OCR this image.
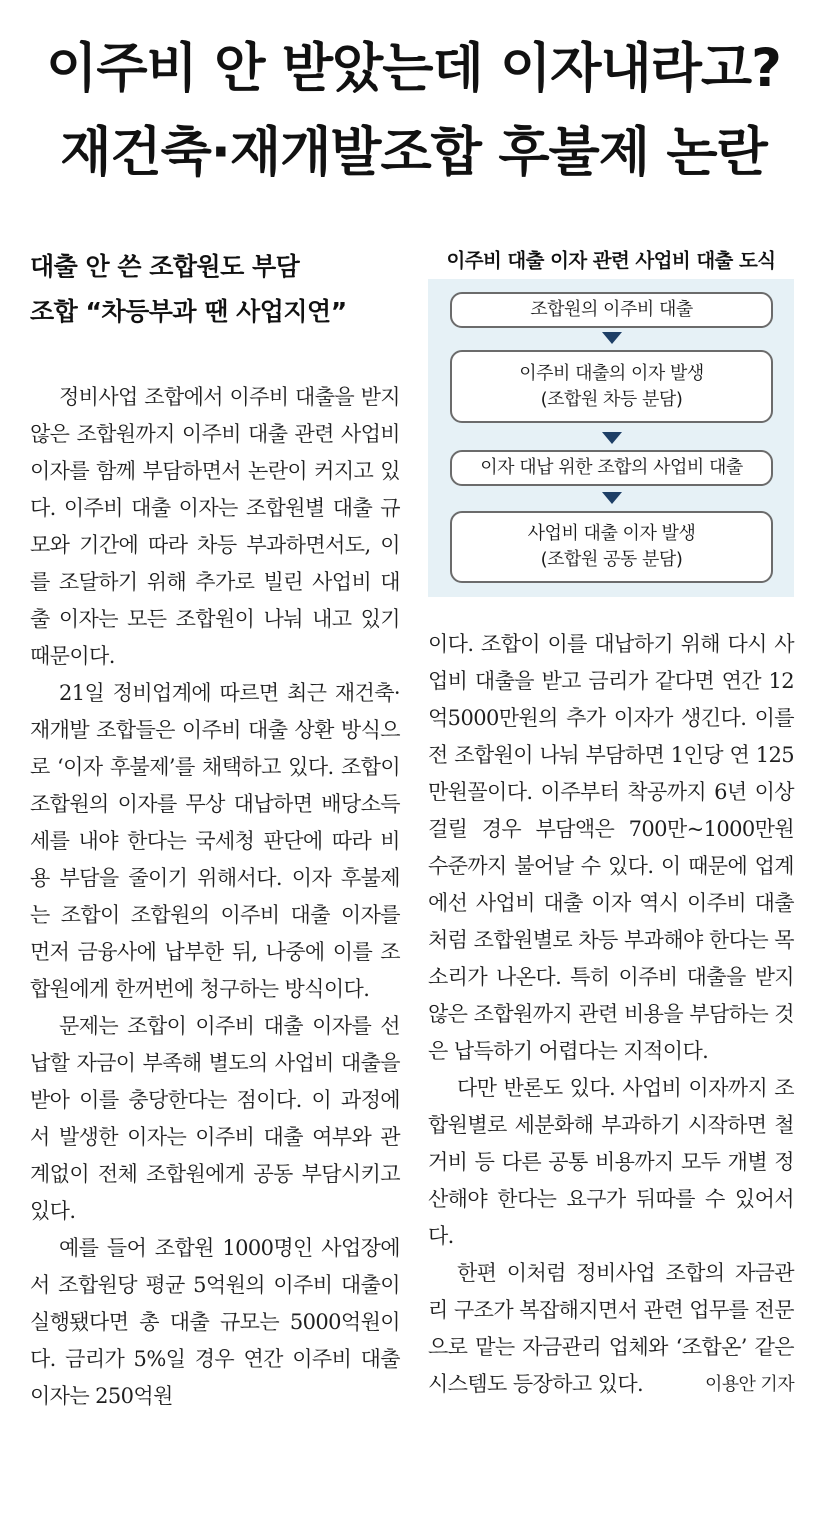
이주비 안 받았는데 이자내라고?
재건축·재개발조합 후불제 논란
대출 안 쓴 조합원도 부담
조합 “차등부과 땐 사업지연”
이주비 대출 이자 관련 사업비 대출 도식
조합원의 이주비 대출
이주비 대출의 이자 발생
(조합원 차등 분담)
이자 대납 위한 조합의 사업비 대출
사업비 대출 이자 발생
(조합원 공동 분담)

정비사업 조합에서 이주비 대출을 받지 않은 조합원까지 이주비 대출 관련 사업비 이자를 함께 부담하면서 논란이 커지고 있다. 이주비 대출 이자는 조합원별 대출 규모와 기간에 따라 차등 부과하면서도, 이를 조달하기 위해 추가로 빌린 사업비 대출 이자는 모든 조합원이 나눠 내고 있기 때문이다.

21일 정비업계에 따르면 최근 재건축·재개발 조합들은 이주비 대출 상환 방식으로 ‘이자 후불제’를 채택하고 있다. 조합이 조합원의 이자를 무상 대납하면 배당소득세를 내야 한다는 국세청 판단에 따라 비용 부담을 줄이기 위해서다. 이자 후불제는 조합이 조합원의 이주비 대출 이자를 먼저 금융사에 납부한 뒤, 나중에 이를 조합원에게 한꺼번에 청구하는 방식이다.

문제는 조합이 이주비 대출 이자를 선납할 자금이 부족해 별도의 사업비 대출을 받아 이를 충당한다는 점이다. 이 과정에서 발생한 이자는 이주비 대출 여부와 관계없이 전체 조합원에게 공동 부담시키고 있다.

예를 들어 조합원 1000명인 사업장에서 조합원당 평균 5억원의 이주비 대출이 실행됐다면 총 대출 규모는 5000억원이다. 금리가 5%일 경우 연간 이주비 대출 이자는 250억원

이다. 조합이 이를 대납하기 위해 다시 사업비 대출을 받고 금리가 같다면 연간 12억5000만원의 추가 이자가 생긴다. 이를 전 조합원이 나눠 부담하면 1인당 연 125만원꼴이다. 이주부터 착공까지 6년 이상 걸릴 경우 부담액은 700만~1000만원 수준까지 불어날 수 있다. 이 때문에 업계에선 사업비 대출 이자 역시 이주비 대출처럼 조합원별로 차등 부과해야 한다는 목소리가 나온다. 특히 이주비 대출을 받지 않은 조합원까지 관련 비용을 부담하는 것은 납득하기 어렵다는 지적이다.

다만 반론도 있다. 사업비 이자까지 조합원별로 세분화해 부과하기 시작하면 철거비 등 다른 공통 비용까지 모두 개별 정산해야 한다는 요구가 뒤따를 수 있어서다.

한편 이처럼 정비사업 조합의 자금관리 구조가 복잡해지면서 관련 업무를 전문으로 맡는 자금관리 업체와 ‘조합온’ 같은 시스템도 등장하고 있다.	이용안 기자
